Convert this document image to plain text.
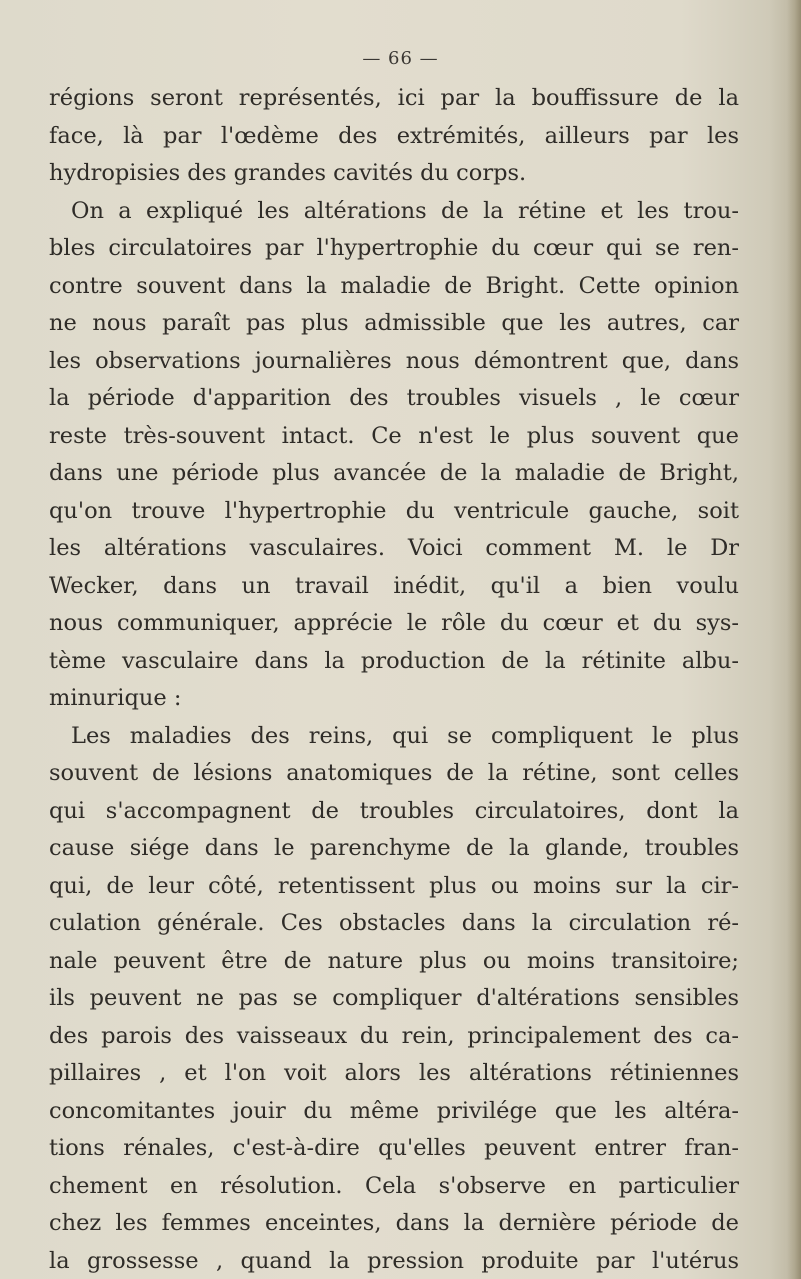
— 66 —
régions seront représentés, ici par la bouffissure de la
face, là par l'œdème des extrémités, ailleurs par les
hydropisies des grandes cavités du corps.
On a expliqué les altérations de la rétine et les trou-
bles circulatoires par l'hypertrophie du cœur qui se ren-
contre souvent dans la maladie de Bright. Cette opinion
ne nous paraît pas plus admissible que les autres, car
les observations journalières nous démontrent que, dans
la période d'apparition des troubles visuels , le cœur
reste très-souvent intact. Ce n'est le plus souvent que
dans une période plus avancée de la maladie de Bright,
qu'on trouve l'hypertrophie du ventricule gauche, soit
les altérations vasculaires. Voici comment M. le Dr
Wecker, dans un travail inédit, qu'il a bien voulu
nous communiquer, apprécie le rôle du cœur et du sys-
tème vasculaire dans la production de la rétinite albu-
minurique :
Les maladies des reins, qui se compliquent le plus
souvent de lésions anatomiques de la rétine, sont celles
qui s'accompagnent de troubles circulatoires, dont la
cause siége dans le parenchyme de la glande, troubles
qui, de leur côté, retentissent plus ou moins sur la cir-
culation générale. Ces obstacles dans la circulation ré-
nale peuvent être de nature plus ou moins transitoire;
ils peuvent ne pas se compliquer d'altérations sensibles
des parois des vaisseaux du rein, principalement des ca-
pillaires , et l'on voit alors les altérations rétiniennes
concomitantes jouir du même privilége que les altéra-
tions rénales, c'est-à-dire qu'elles peuvent entrer fran-
chement en résolution. Cela s'observe en particulier
chez les femmes enceintes, dans la dernière période de
la grossesse , quand la pression produite par l'utérus
